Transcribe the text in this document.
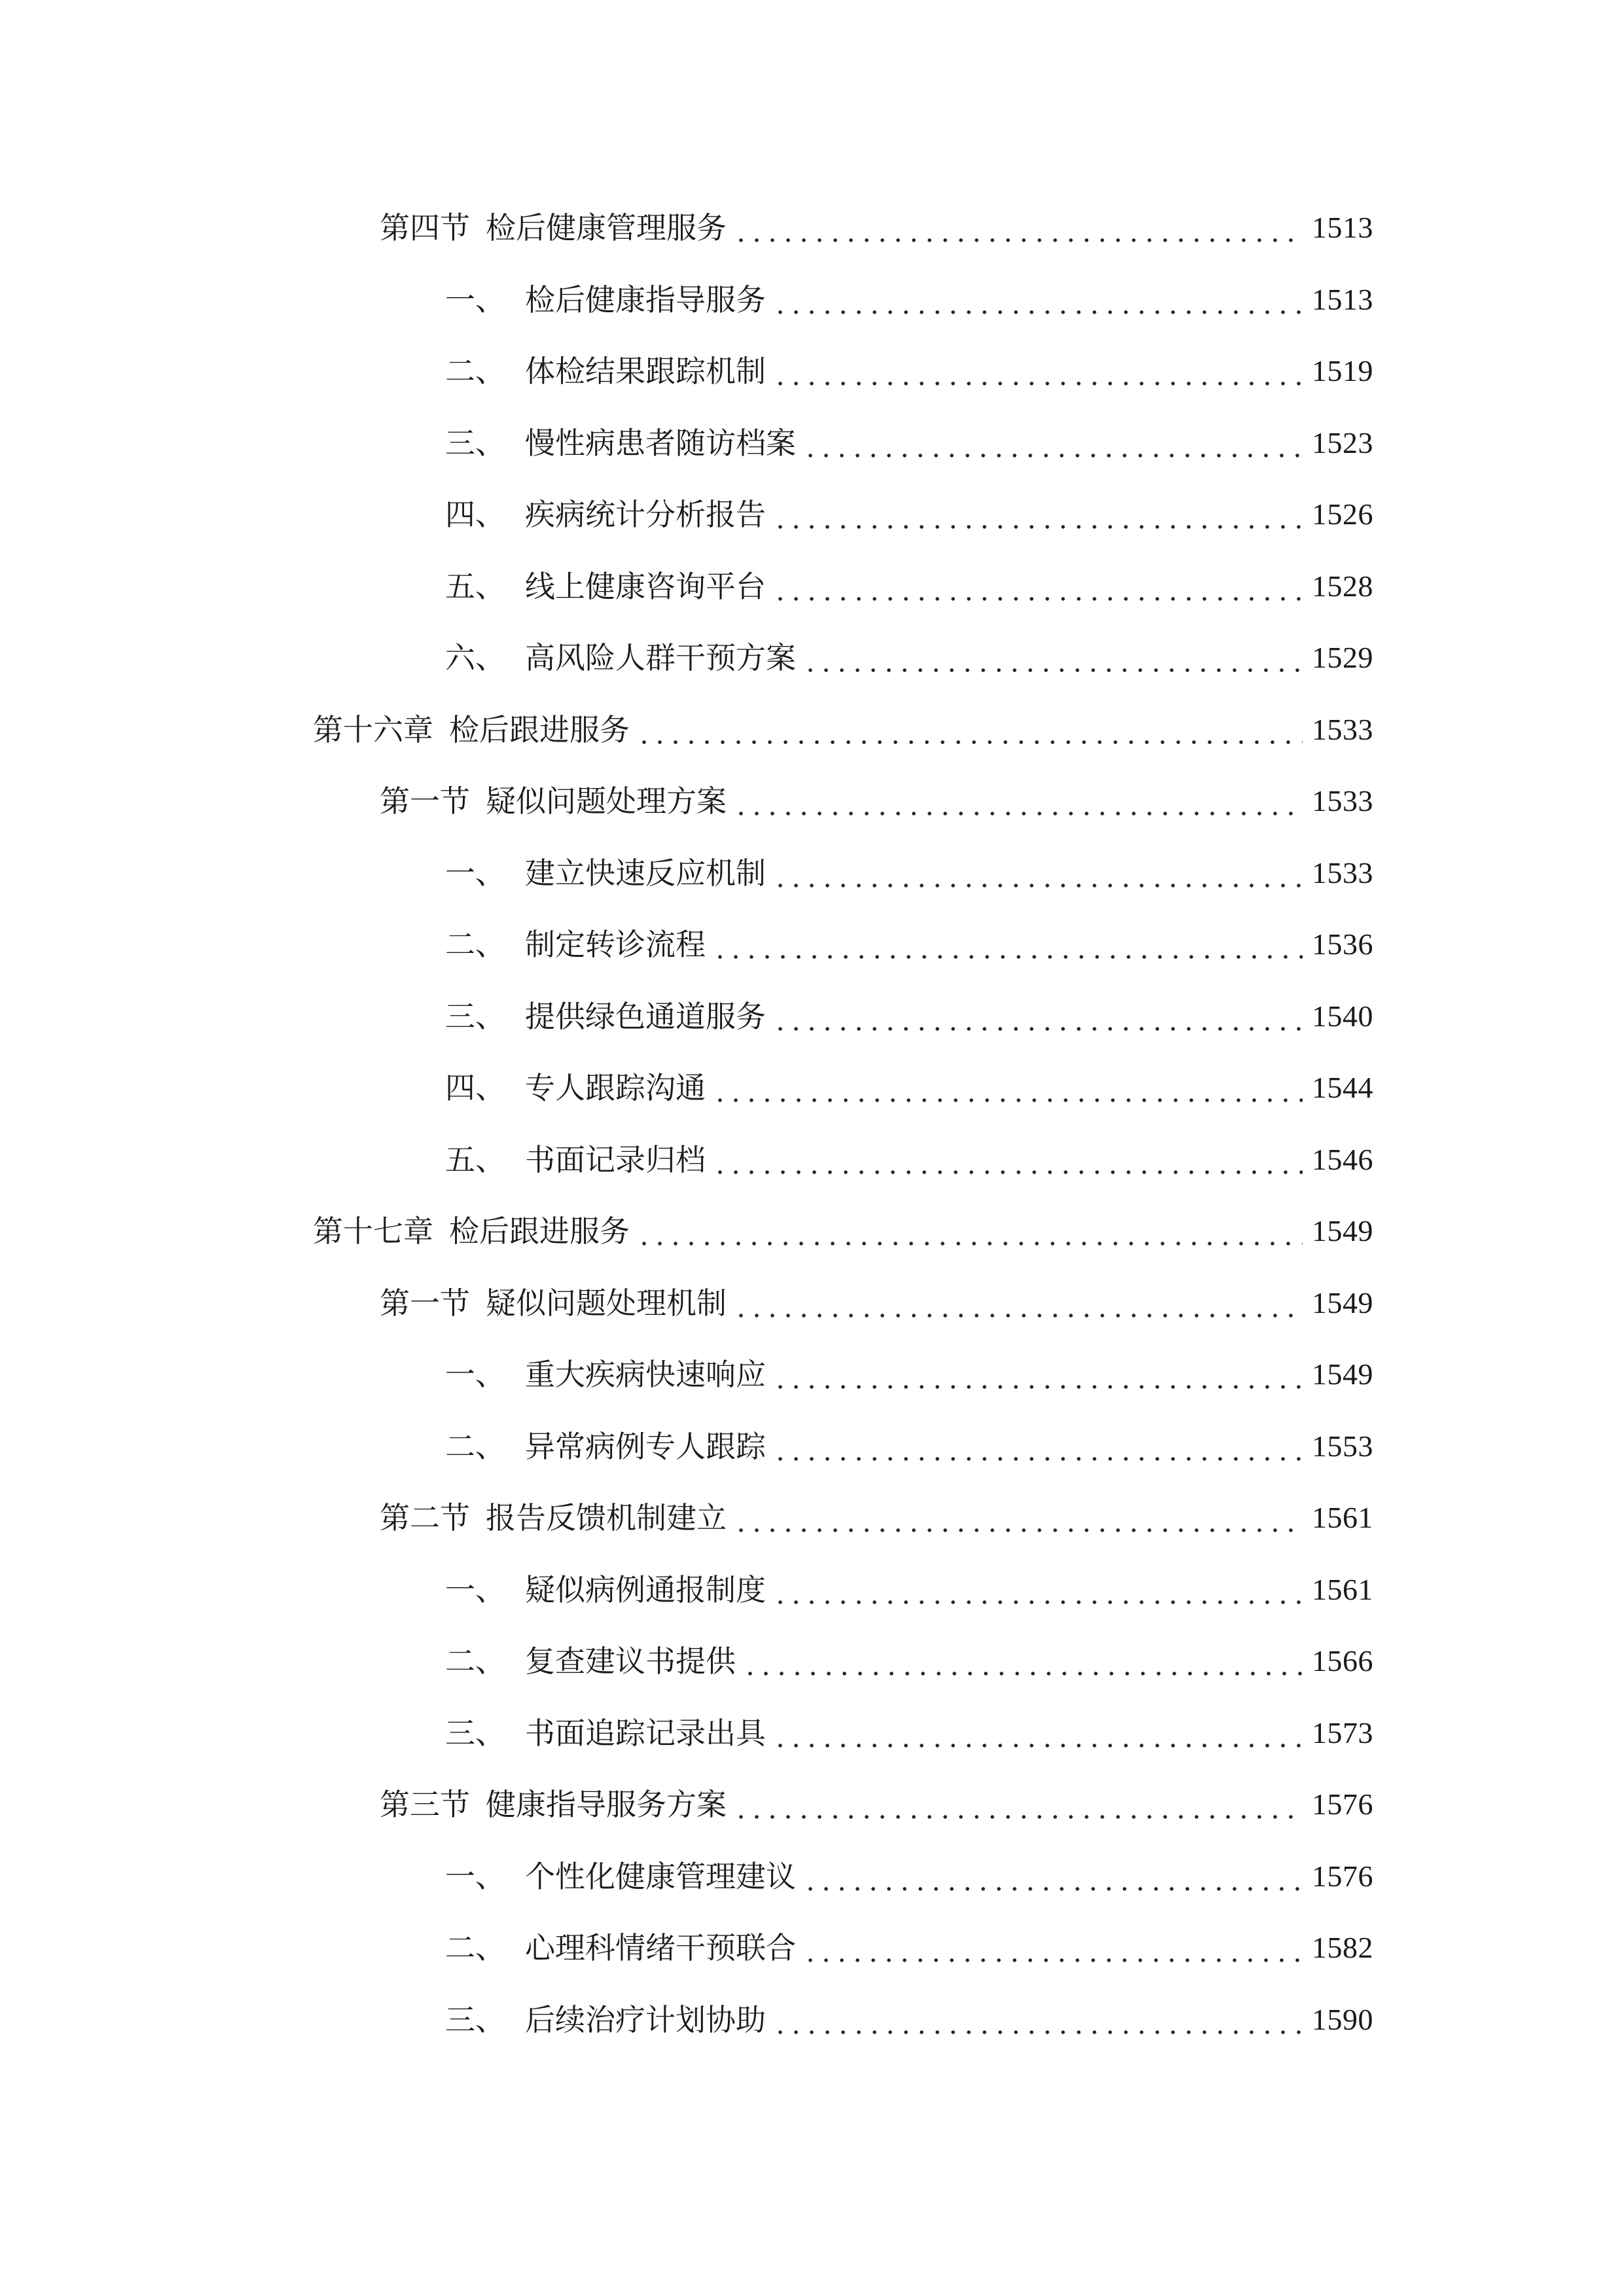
第四节 检后健康管理服务	1513
一、 检后健康指导服务	1513
二、 体检结果跟踪机制	1519
三、 慢性病患者随访档案	1523
四、 疾病统计分析报告	1526
五、 线上健康咨询平台	1528
六、 高风险人群干预方案	1529
第十六章 检后跟进服务	1533
第一节 疑似问题处理方案	1533
一、 建立快速反应机制	1533
二、 制定转诊流程	1536
三、 提供绿色通道服务	1540
四、 专人跟踪沟通	1544
五、 书面记录归档	1546
第十七章 检后跟进服务	1549
第一节 疑似问题处理机制	1549
一、 重大疾病快速响应	1549
二、 异常病例专人跟踪	1553
第二节 报告反馈机制建立	1561
一、 疑似病例通报制度	1561
二、 复查建议书提供	1566
三、 书面追踪记录出具	1573
第三节 健康指导服务方案	1576
一、 个性化健康管理建议	1576
二、 心理科情绪干预联合	1582
三、 后续治疗计划协助	1590
